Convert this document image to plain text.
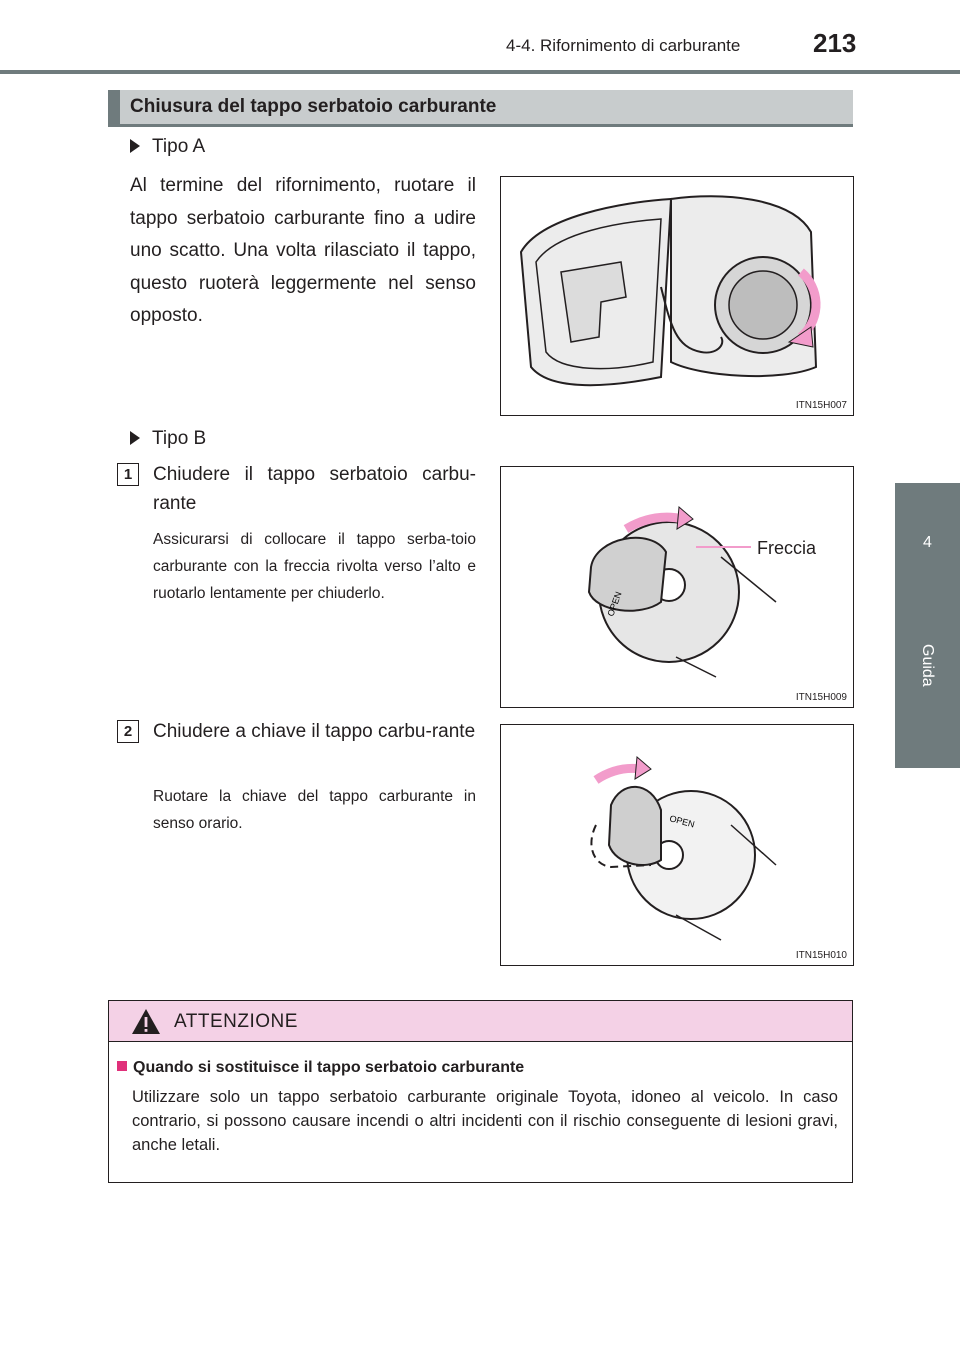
4-4. Rifornimento di carburante	213
4
Guida
Chiusura del tappo serbatoio carburante
Tipo A
Al termine del rifornimento, ruotare il tappo serbatoio carburante fino a udire uno scatto. Una volta rilasciato il tappo, questo ruoterà leggermente nel senso opposto.
ITN15H007
Tipo B
1	Chiudere il tappo serbatoio carbu-rante
Assicurarsi di collocare il tappo serba-toio carburante con la freccia rivolta verso l’alto e ruotarlo lentamente per chiuderlo.	OPEN
Freccia
ITN15H009
2	Chiudere a chiave il tappo carbu-rante
Ruotare la chiave del tappo carburante in senso orario.	OPEN
ITN15H010
ATTENZIONE
Quando si sostituisce il tappo serbatoio carburante
Utilizzare solo un tappo serbatoio carburante originale Toyota, idoneo al veicolo. In caso contrario, si possono causare incendi o altri incidenti con il rischio conseguente di lesioni gravi, anche letali.
